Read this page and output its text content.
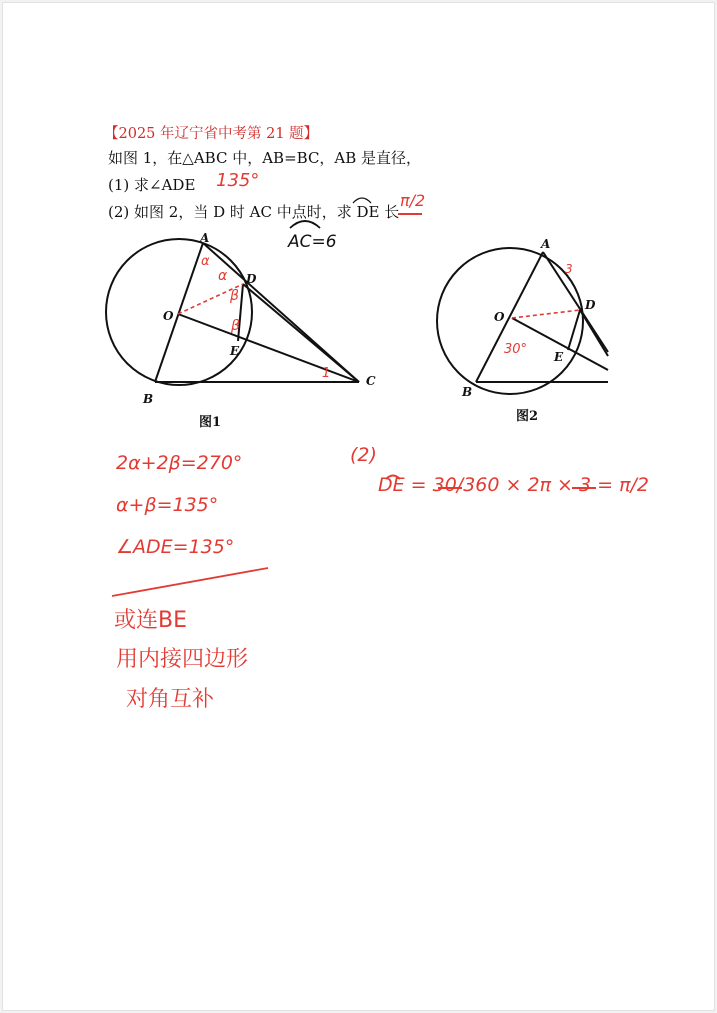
【2025 年辽宁省中考第 21 题】
如图 1，在△ABC 中，AB=BC，AB 是直径，
(1) 求∠ADE
(2) 如图 2，当 D 时 AC 中点时，求 DE 长
A
D
O
E
B
C
图1
A
D
O
E
B
图2
α
α
β
β
1
3
30°
135°
π/2
AC=6
2α+2β=270°
α+β=135°
∠ADE=135°
(2)
DE = 30/360 × 2π × 3 = π/2
或连BE
用内接四边形
对角互补
